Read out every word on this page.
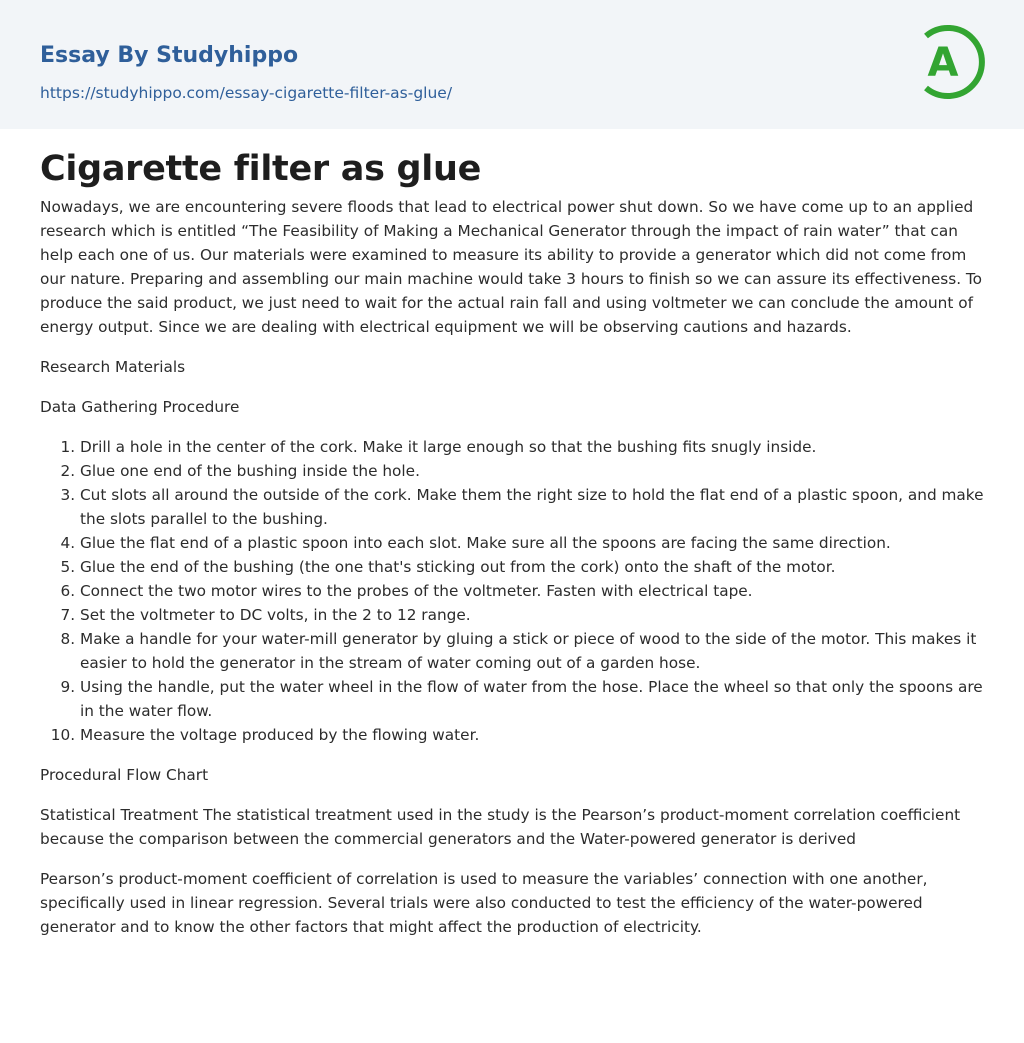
Essay By Studyhippo
https://studyhippo.com/essay-cigarette-filter-as-glue/
A
Cigarette filter as glue

Nowadays, we are encountering severe floods that lead to electrical power shut down. So we have come up to an applied research which is entitled “The Feasibility of Making a Mechanical Generator through the impact of rain water” that can help each one of us. Our materials were examined to measure its ability to provide a generator which did not come from our nature. Preparing and assembling our main machine would take 3 hours to finish so we can assure its effectiveness. To produce the said product, we just need to wait for the actual rain fall and using voltmeter we can conclude the amount of energy output. Since we are dealing with electrical equipment we will be observing cautions and hazards.

Research Materials

Data Gathering Procedure

1. Drill a hole in the center of the cork. Make it large enough so that the bushing fits snugly inside.
2. Glue one end of the bushing inside the hole.
3. Cut slots all around the outside of the cork. Make them the right size to hold the flat end of a plastic spoon, and make the slots parallel to the bushing.
4. Glue the flat end of a plastic spoon into each slot. Make sure all the spoons are facing the same direction.
5. Glue the end of the bushing (the one that's sticking out from the cork) onto the shaft of the motor.
6. Connect the two motor wires to the probes of the voltmeter. Fasten with electrical tape.
7. Set the voltmeter to DC volts, in the 2 to 12 range.
8. Make a handle for your water-mill generator by gluing a stick or piece of wood to the side of the motor. This makes it easier to hold the generator in the stream of water coming out of a garden hose.
9. Using the handle, put the water wheel in the flow of water from the hose. Place the wheel so that only the spoons are in the water flow.
10. Measure the voltage produced by the flowing water.

Procedural Flow Chart

Statistical Treatment The statistical treatment used in the study is the Pearson’s product-moment correlation coefficient because the comparison between the commercial generators and the Water-powered generator is derived

Pearson’s product-moment coefficient of correlation is used to measure the variables’ connection with one another, specifically used in linear regression. Several trials were also conducted to test the efficiency of the water-powered generator and to know the other factors that might affect the production of electricity.
